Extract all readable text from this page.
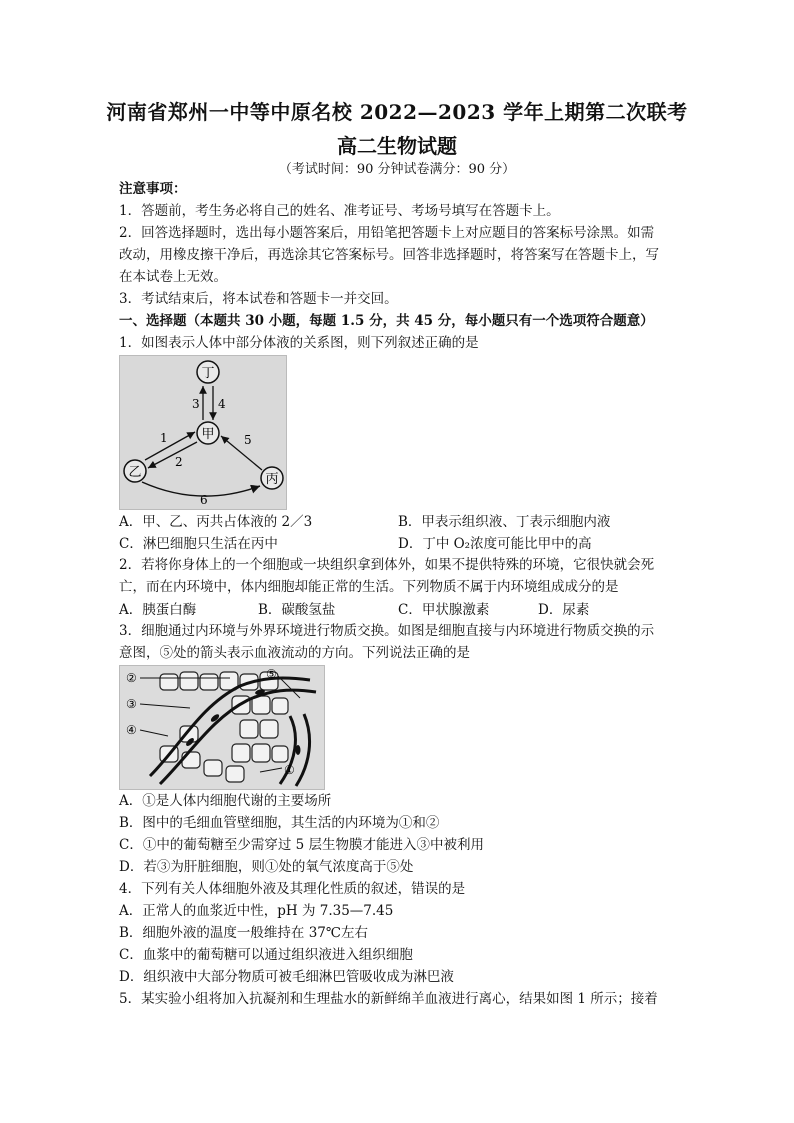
河南省郑州一中等中原名校 2022—2023 学年上期第二次联考
高二生物试题
（考试时间：90 分钟试卷满分：90 分）
注意事项：
1．答题前，考生务必将自己的姓名、准考证号、考场号填写在答题卡上。
2．回答选择题时，选出每小题答案后，用铅笔把答题卡上对应题目的答案标号涂黑。如需
改动，用橡皮擦干净后，再选涂其它答案标号。回答非选择题时，将答案写在答题卡上，写
在本试卷上无效。
3．考试结束后，将本试卷和答题卡一并交回。
一、选择题（本题共 30 小题，每题 1.5 分，共 45 分，每小题只有一个选项符合题意）
1．如图表示人体中部分体液的关系图，则下列叙述正确的是
丁
甲
乙	丙
3 4
1
2
5
6
A．甲、乙、丙共占体液的 2／3	B．甲表示组织液、丁表示细胞内液
C．淋巴细胞只生活在丙中	D．丁中 O₂浓度可能比甲中的高
2．若将你身体上的一个细胞或一块组织拿到体外，如果不提供特殊的环境，它很快就会死
亡，而在内环境中，体内细胞却能正常的生活。下列物质不属于内环境组成成分的是
A．胰蛋白酶	B．碳酸氢盐	C．甲状腺激素	D．尿素
3．细胞通过内环境与外界环境进行物质交换。如图是细胞直接与内环境进行物质交换的示
意图，⑤处的箭头表示血液流动的方向。下列说法正确的是
②
③
④
⑤
①
A．①是人体内细胞代谢的主要场所
B．图中的毛细血管壁细胞，其生活的内环境为①和②
C．①中的葡萄糖至少需穿过 5 层生物膜才能进入③中被利用
D．若③为肝脏细胞，则①处的氧气浓度高于⑤处
4．下列有关人体细胞外液及其理化性质的叙述，错误的是
A．正常人的血浆近中性，pH 为 7.35—7.45
B．细胞外液的温度一般维持在 37℃左右
C．血浆中的葡萄糖可以通过组织液进入组织细胞
D．组织液中大部分物质可被毛细淋巴管吸收成为淋巴液
5．某实验小组将加入抗凝剂和生理盐水的新鲜绵羊血液进行离心，结果如图 1 所示；接着
